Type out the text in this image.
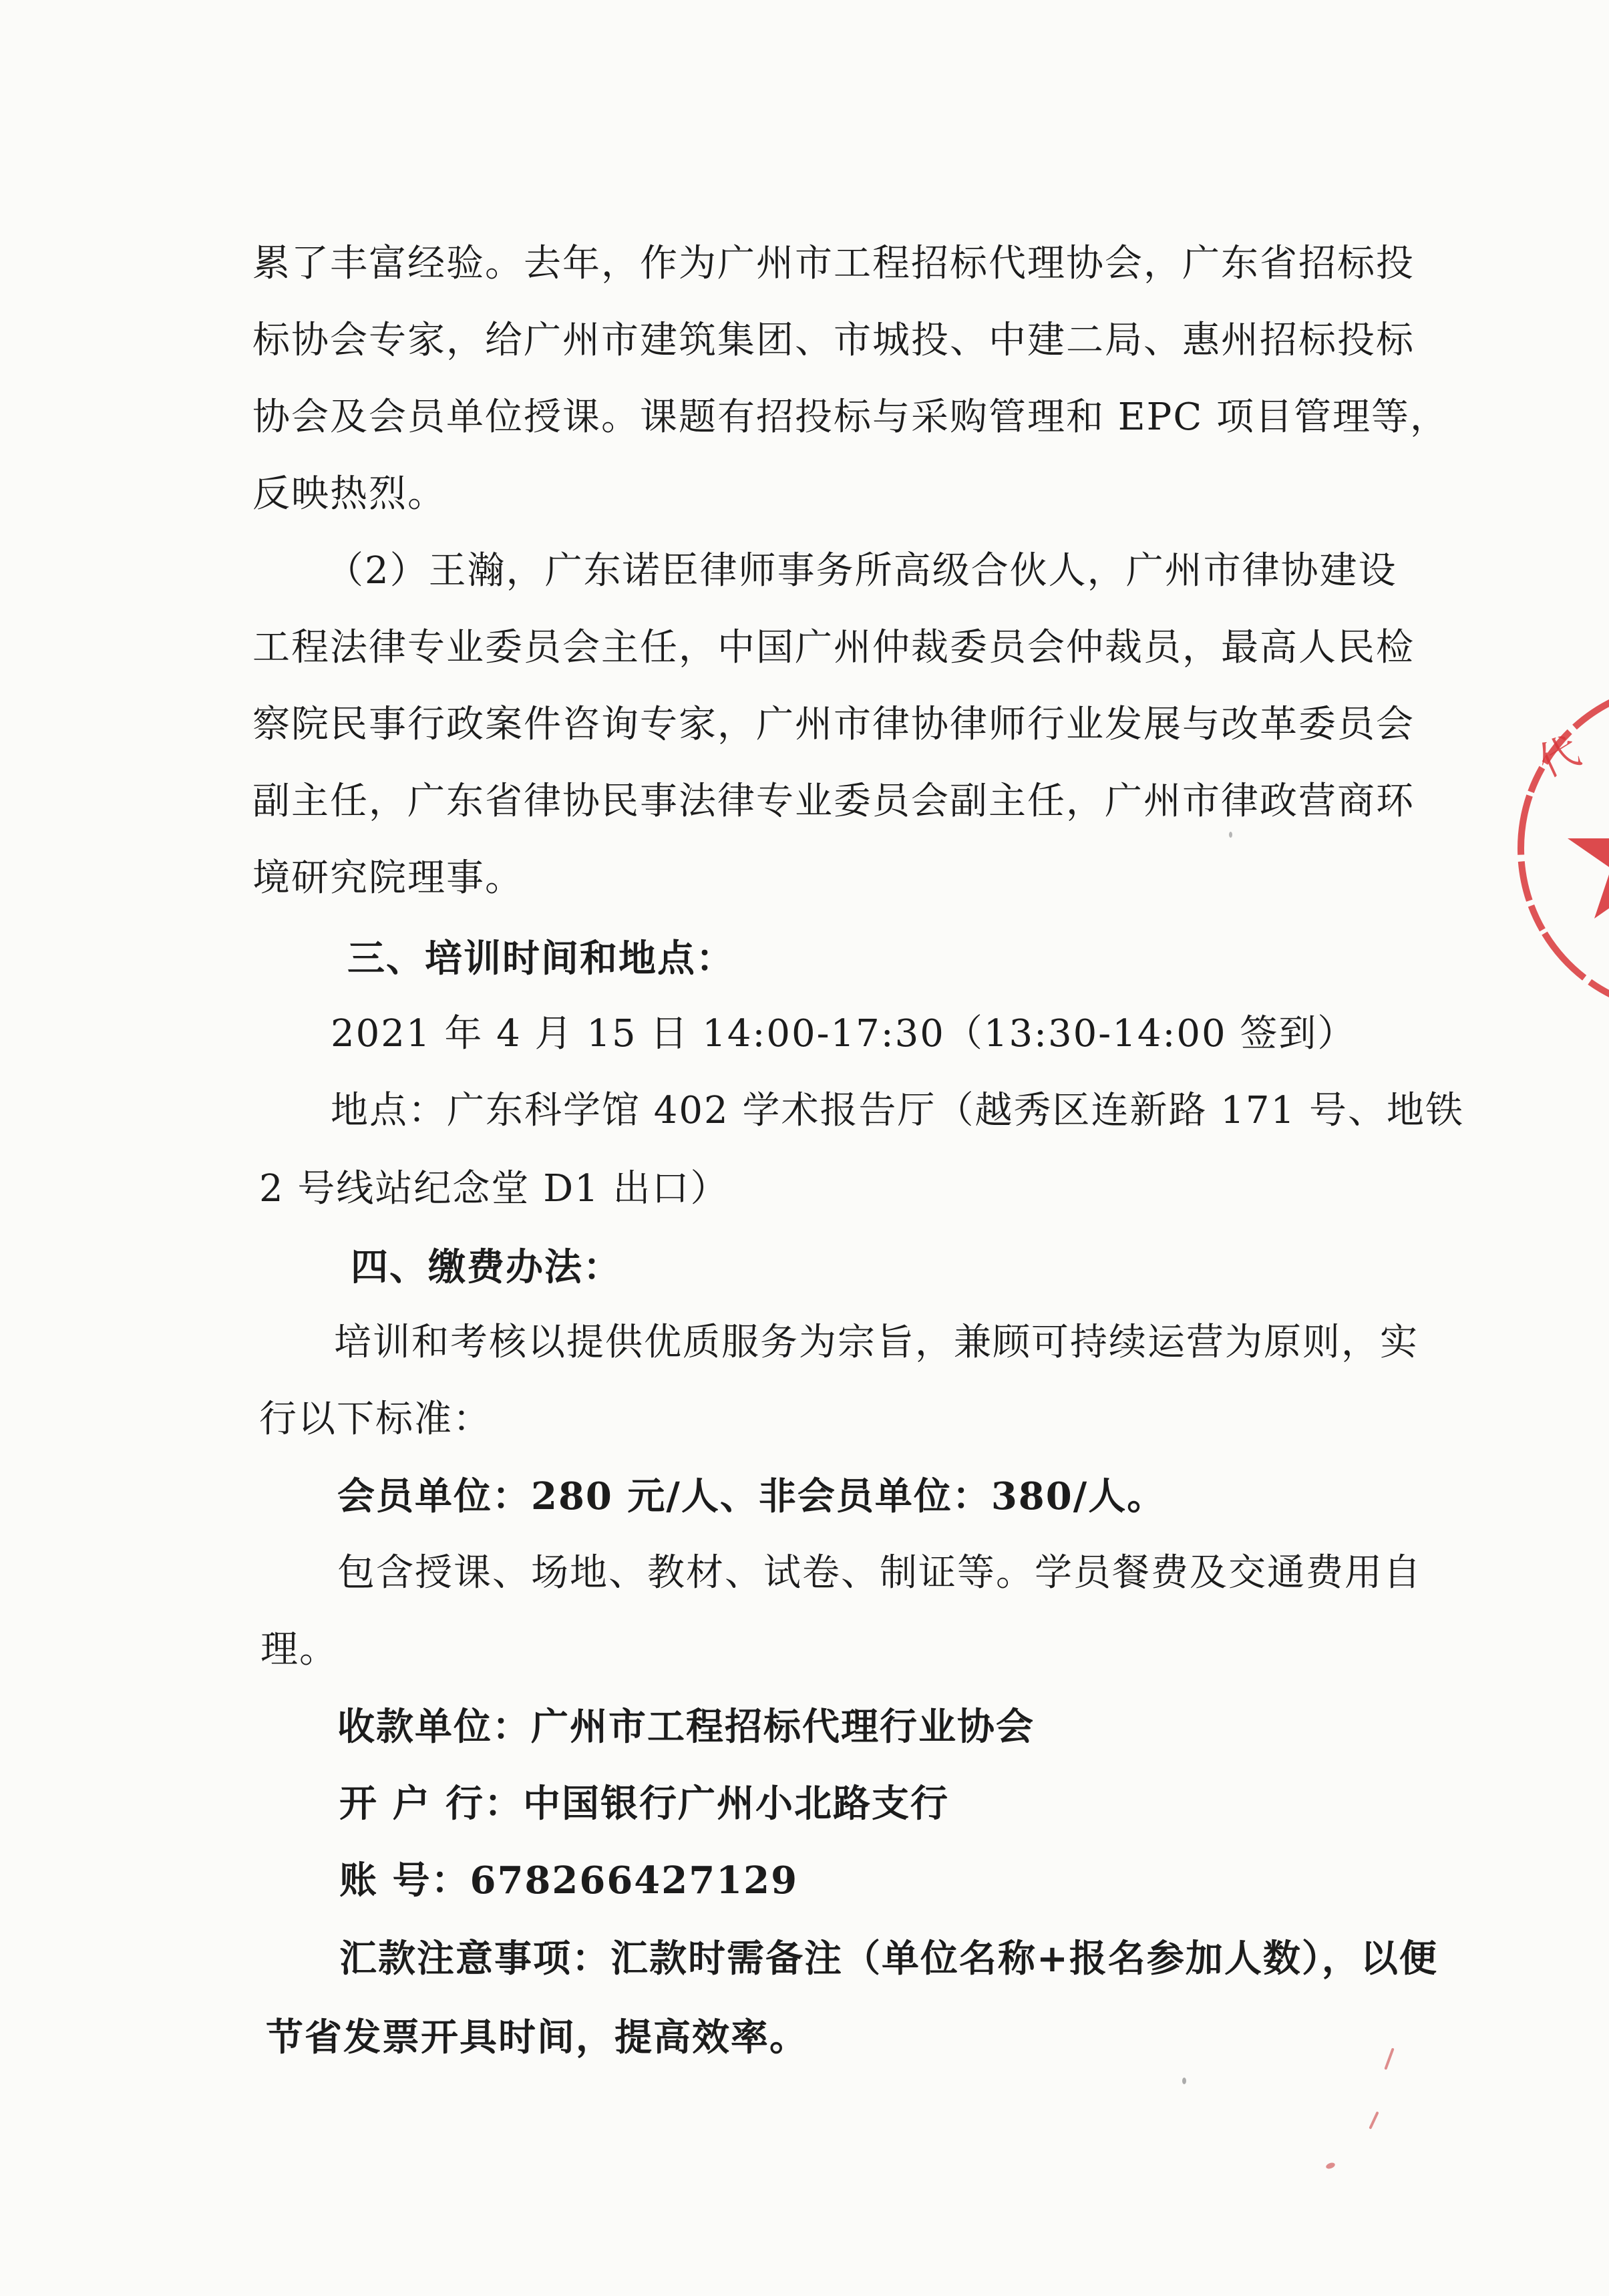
累了丰富经验。去年，作为广州市工程招标代理协会，广东省招标投
标协会专家，给广州市建筑集团、市城投、中建二局、惠州招标投标
协会及会员单位授课。课题有招投标与采购管理和 EPC 项目管理等，
反映热烈。
（2）王瀚，广东诺臣律师事务所高级合伙人，广州市律协建设
工程法律专业委员会主任，中国广州仲裁委员会仲裁员，最高人民检
察院民事行政案件咨询专家，广州市律协律师行业发展与改革委员会
副主任，广东省律协民事法律专业委员会副主任，广州市律政营商环
境研究院理事。
三、培训时间和地点：
2021 年 4 月 15 日 14:00-17:30（13:30-14:00 签到）
地点：广东科学馆 402 学术报告厅（越秀区连新路 171 号、地铁
2 号线站纪念堂 D1 出口）
四、缴费办法：
培训和考核以提供优质服务为宗旨，兼顾可持续运营为原则，实
行以下标准：
会员单位：280 元/人、非会员单位：380/人。
包含授课、场地、教材、试卷、制证等。学员餐费及交通费用自
理。
收款单位：广州市工程招标代理行业协会
开 户 行：中国银行广州小北路支行
账 号：678266427129
汇款注意事项：汇款时需备注（单位名称+报名参加人数），以便
节省发票开具时间，提高效率。
代
